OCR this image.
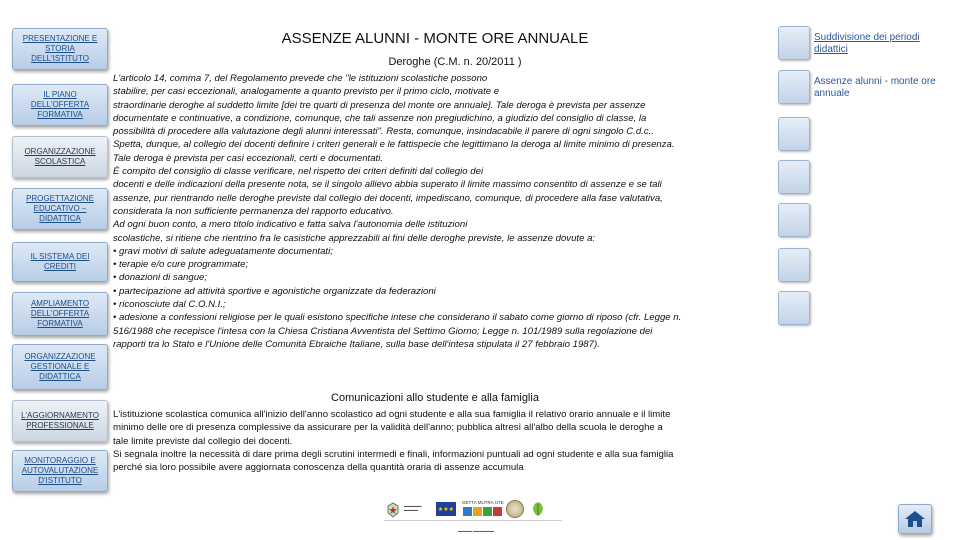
PRESENTAZIONE E STORIA DELL'ISTITUTO
IL PIANO DELL'OFFERTA FORMATIVA
ORGANIZZAZIONE SCOLASTICA
PROGETTAZIONE EDUCATIVO – DIDATTICA
IL SISTEMA DEI CREDITI
AMPLIAMENTO DELL'OFFERTA FORMATIVA
ORGANIZZAZIONE GESTIONALE E DIDATTICA
L'AGGIORNAMENTO PROFESSIONALE
MONITORAGGIO E AUTOVALUTAZIONE D'ISTITUTO
ASSENZE ALUNNI - MONTE ORE ANNUALE
Deroghe (C.M. n. 20/2011 )

L'articolo 14, comma 7, del Regolamento prevede che "le istituzioni scolastiche possono

stabilire, per casi eccezionali, analogamente a quanto previsto per il primo ciclo, motivate e

straordinarie deroghe al suddetto limite [dei tre quarti di presenza del monte ore annuale]. Tale deroga è prevista per assenze

documentate e continuative, a condizione, comunque, che tali assenze non pregiudichino, a giudizio del consiglio di classe, la

possibilità di procedere alla valutazione degli alunni interessati". Resta, comunque, insindacabile il parere di ogni singolo C.d.c..

Spetta, dunque, al collegio dei docenti definire i criteri generali e le fattispecie che legittimano la deroga al limite minimo di presenza.

Tale deroga è prevista per casi eccezionali, certi e documentati.

È compito del consiglio di classe verificare, nel rispetto dei criteri definiti dal collegio dei

docenti e delle indicazioni della presente nota, se il singolo allievo abbia superato il limite massimo consentito di assenze e se tali

assenze, pur rientrando nelle deroghe previste dal collegio dei docenti, impediscano, comunque, di procedere alla fase valutativa,

considerata la non sufficiente permanenza del rapporto educativo.

Ad ogni buon conto, a mero titolo indicativo e fatta salva l'autonomia delle istituzioni

scolastiche, si ritiene che rientrino fra le casistiche apprezzabili ai fini delle deroghe previste, le assenze dovute a:

• gravi motivi di salute adeguatamente documentati;

• terapie e/o cure programmate;

• donazioni di sangue;

• partecipazione ad attività sportive e agonistiche organizzate da federazioni

• riconosciute dal C.O.N.I.;

• adesione a confessioni religiose per le quali esistono specifiche intese che considerano il sabato come giorno di riposo (cfr. Legge n.

516/1988 che recepisce l'intesa con la Chiesa Cristiana Avventista del Settimo Giorno; Legge n. 101/1989 sulla regolazione dei

rapporti tra lo Stato e l'Unione delle Comunità Ebraiche Italiane, sulla base dell'intesa stipulata il 27 febbraio 1987).

Comunicazioni allo studente e alla famiglia

L'istituzione scolastica comunica all'inizio dell'anno scolastico ad ogni studente e alla sua famiglia il relativo orario annuale e il limite

minimo delle ore di presenza complessive da assicurare per la validità dell'anno; pubblica altresì all'albo della scuola le deroghe a

tale limite previste dal collegio dei docenti.

Si segnala inoltre la necessità di dare prima degli scrutini intermedi e finali, informazioni puntuali ad ogni studente e alla sua famiglia

perché sia loro possibile avere aggiornata conoscenza della quantità oraria di assenze accumula

Suddivisione dei periodi didattici
Assenze alunni - monte ore annuale
▬▬▬▬▬
▬▬▬▬	★★★
DETTA MUTRA UTE
▬▬▬▬ ▬▬▬▬▬▬
